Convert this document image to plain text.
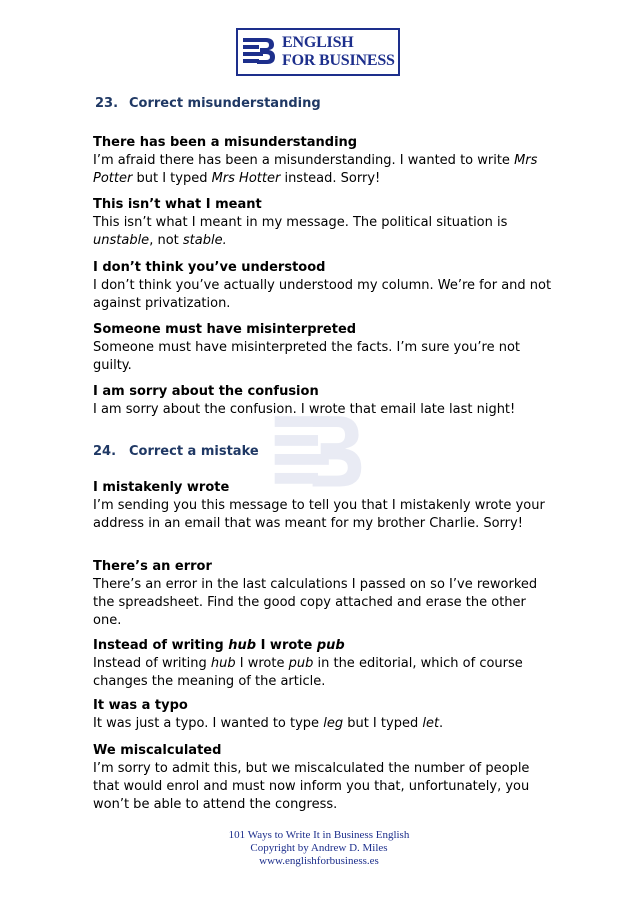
ENGLISH
FOR BUSINESS
23. Correct misunderstanding
There has been a misunderstanding
I’m afraid there has been a misunderstanding. I wanted to write Mrs Potter but I typed Mrs Hotter instead. Sorry!
This isn’t what I meant
This isn’t what I meant in my message. The political situation is unstable, not stable.
I don’t think you’ve understood
I don’t think you’ve actually understood my column. We’re for and not against privatization.
Someone must have misinterpreted
Someone must have misinterpreted the facts. I’m sure you’re not guilty.
I am sorry about the confusion
I am sorry about the confusion. I wrote that email late last night!
24. Correct a mistake
I mistakenly wrote
I’m sending you this message to tell you that I mistakenly wrote your address in an email that was meant for my brother Charlie. Sorry!
There’s an error
There’s an error in the last calculations I passed on so I’ve reworked the spreadsheet. Find the good copy attached and erase the other one.
Instead of writing hub I wrote pub
Instead of writing hub I wrote pub in the editorial, which of course changes the meaning of the article.
It was a typo
It was just a typo. I wanted to type leg but I typed let.
We miscalculated
I’m sorry to admit this, but we miscalculated the number of people that would enrol and must now inform you that, unfortunately, you won’t be able to attend the congress.
101 Ways to Write It in Business English
Copyright by Andrew D. Miles
www.englishforbusiness.es
